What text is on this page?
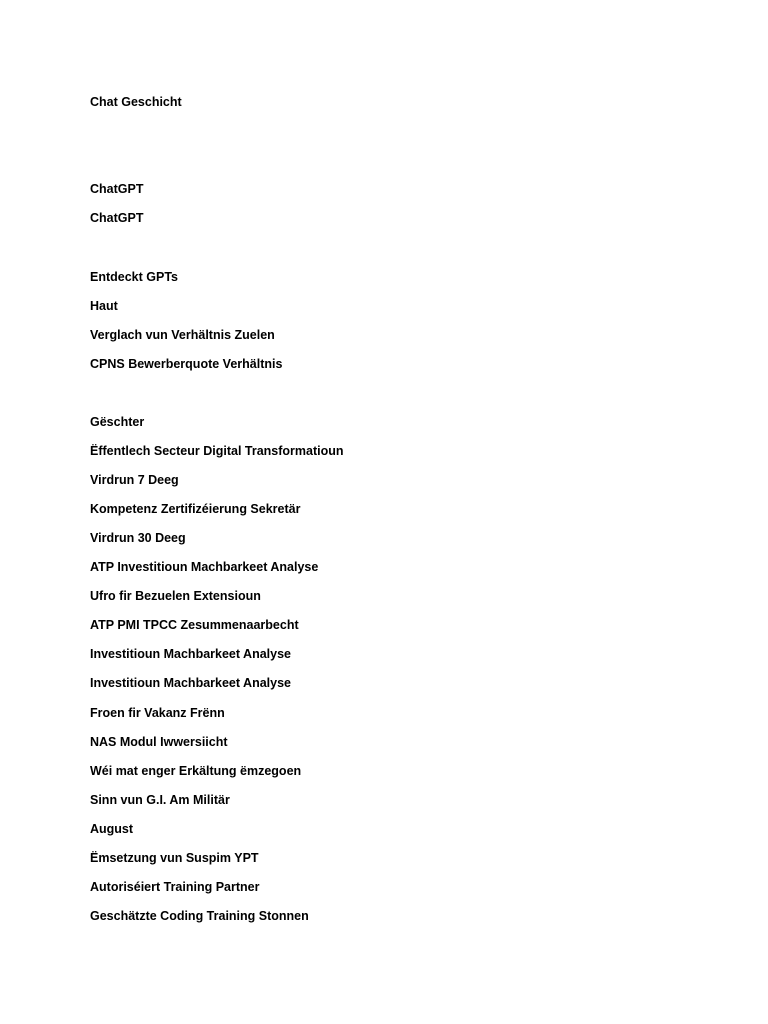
Chat Geschicht
ChatGPT
ChatGPT
Entdeckt GPTs
Haut
Verglach vun Verhältnis Zuelen
CPNS Bewerberquote Verhältnis
Gëschter
Ëffentlech Secteur Digital Transformatioun
Virdrun 7 Deeg
Kompetenz Zertifizéierung Sekretär
Virdrun 30 Deeg
ATP Investitioun Machbarkeet Analyse
Ufro fir Bezuelen Extensioun
ATP PMI TPCC Zesummenaarbecht
Investitioun Machbarkeet Analyse
Investitioun Machbarkeet Analyse
Froen fir Vakanz Frënn
NAS Modul Iwwersiicht
Wéi mat enger Erkältung ëmzegoen
Sinn vun G.I. Am Militär
August
Ëmsetzung vun Suspim YPT
Autoriséiert Training Partner
Geschätzte Coding Training Stonnen
